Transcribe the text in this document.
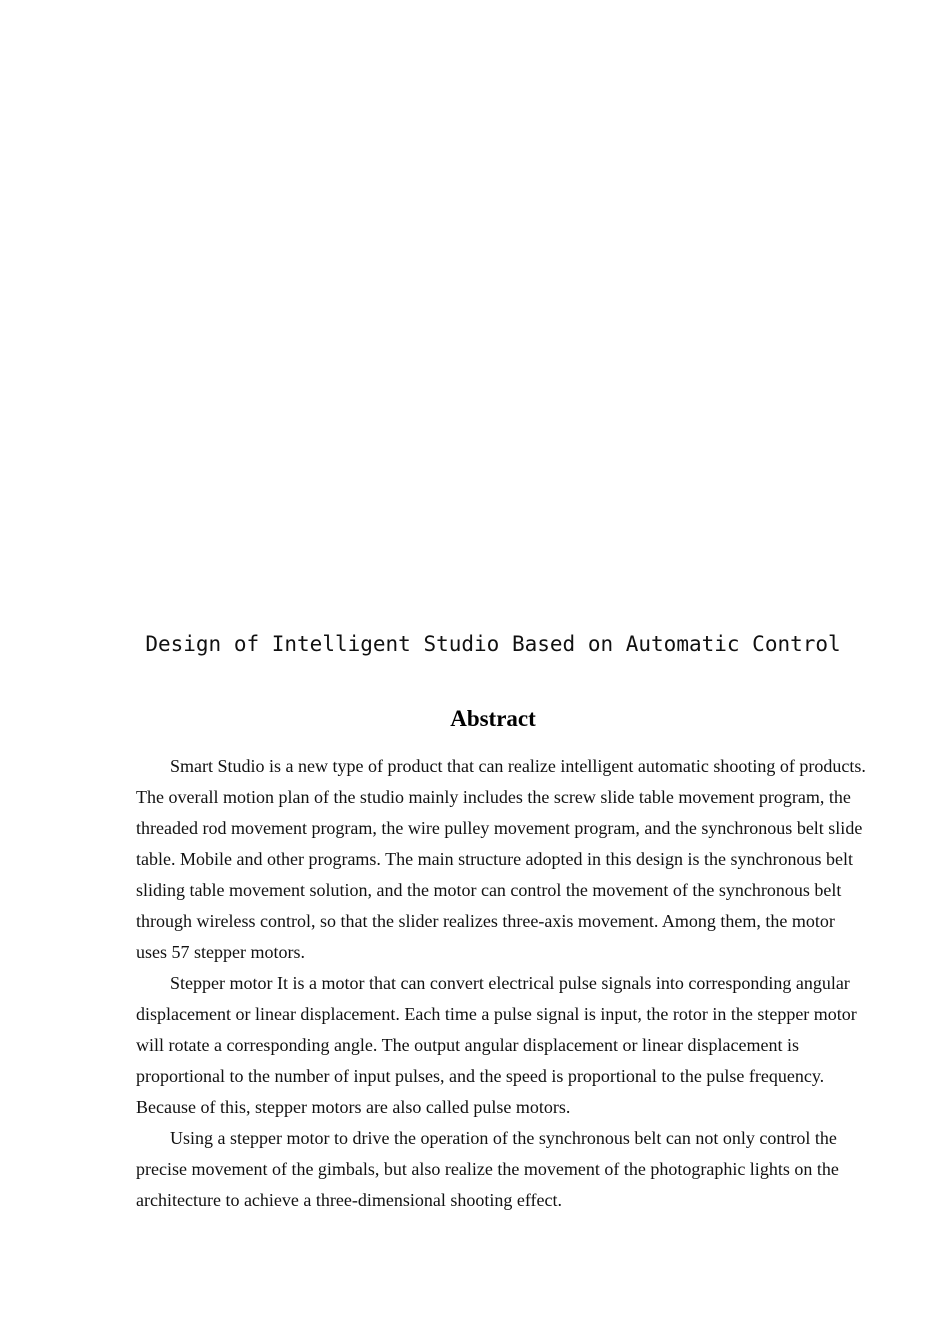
Design of Intelligent Studio Based on Automatic Control
Abstract

Smart Studio is a new type of product that can realize intelligent automatic shooting of products. The overall motion plan of the studio mainly includes the screw slide table movement program, the threaded rod movement program, the wire pulley movement program, and the synchronous belt slide table. Mobile and other programs. The main structure adopted in this design is the synchronous belt sliding table movement solution, and the motor can control the movement of the synchronous belt through wireless control, so that the slider realizes three-axis movement. Among them, the motor uses 57 stepper motors.

Stepper motor It is a motor that can convert electrical pulse signals into corresponding angular displacement or linear displacement. Each time a pulse signal is input, the rotor in the stepper motor will rotate a corresponding angle. The output angular displacement or linear displacement is proportional to the number of input pulses, and the speed is proportional to the pulse frequency. Because of this, stepper motors are also called pulse motors.

Using a stepper motor to drive the operation of the synchronous belt can not only control the precise movement of the gimbals, but also realize the movement of the photographic lights on the architecture to achieve a three-dimensional shooting effect.
